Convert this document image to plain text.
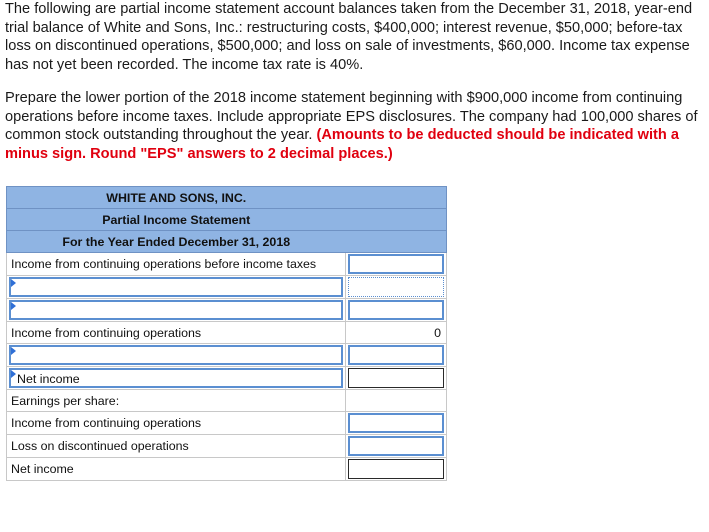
The following are partial income statement account balances taken from the December 31, 2018, year-end trial balance of White and Sons, Inc.: restructuring costs, $400,000; interest revenue, $50,000; before-tax loss on discontinued operations, $500,000; and loss on sale of investments, $60,000. Income tax expense has not yet been recorded. The income tax rate is 40%.

Prepare the lower portion of the 2018 income statement beginning with $900,000 income from continuing operations before income taxes. Include appropriate EPS disclosures. The company had 100,000 shares of common stock outstanding throughout the year. (Amounts to be deducted should be indicated with a minus sign. Round "EPS" answers to 2 decimal places.)

WHITE AND SONS, INC.	
Partial Income Statement	
For the Year Ended December 31, 2018	
Income from continuing operations before income taxes	

Income from continuing operations	0

Net income	

Earnings per share:	
Income from continuing operations	

Loss on discontinued operations	

Net income	
